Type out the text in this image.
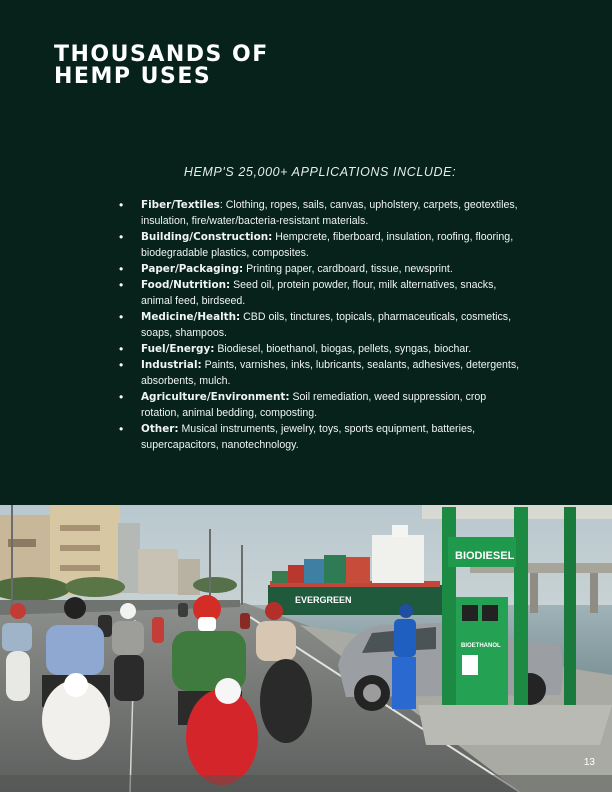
THOUSANDS OF
HEMP USES

HEMP'S 25,000+ APPLICATIONS INCLUDE:

• Fiber/Textiles: Clothing, ropes, sails, canvas, upholstery, carpets, geotextiles, insulation, fire/water/bacteria-resistant materials.
• Building/Construction: Hempcrete, fiberboard, insulation, roofing, flooring, biodegradable plastics, composites.
• Paper/Packaging: Printing paper, cardboard, tissue, newsprint.
• Food/Nutrition: Seed oil, protein powder, flour, milk alternatives, snacks, animal feed, birdseed.
• Medicine/Health: CBD oils, tinctures, topicals, pharmaceuticals, cosmetics, soaps, shampoos.
• Fuel/Energy: Biodiesel, bioethanol, biogas, pellets, syngas, biochar.
• Industrial: Paints, varnishes, inks, lubricants, sealants, adhesives, detergents, absorbents, mulch.
• Agriculture/Environment: Soil remediation, weed suppression, crop rotation, animal bedding, composting.
• Other: Musical instruments, jewelry, toys, sports equipment, batteries, supercapacitors, nanotechnology.
EVERGREEN
BIODIESEL
BIOETHANOL
13
